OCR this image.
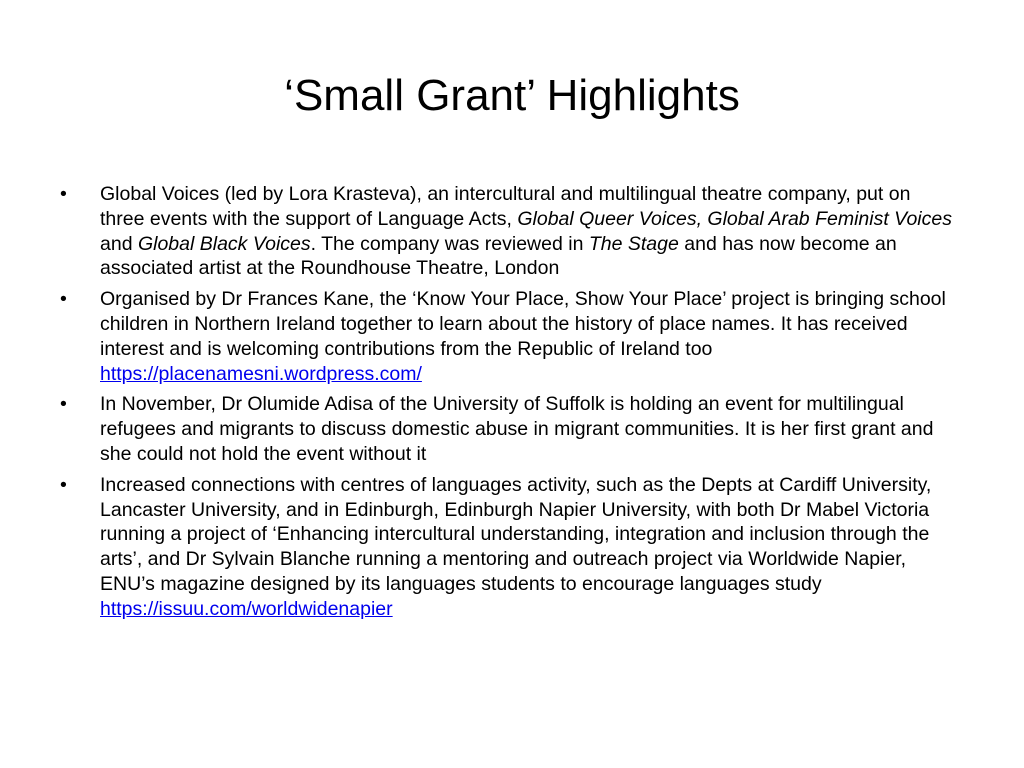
‘Small Grant’ Highlights
•	Global Voices (led by Lora Krasteva), an intercultural and multilingual theatre company, put on three events with the support of Language Acts, Global Queer Voices, Global Arab Feminist Voices and Global Black Voices. The company was reviewed in The Stage and has now become an associated artist at the Roundhouse Theatre, London
•	Organised by Dr Frances Kane, the ‘Know Your Place, Show Your Place’ project is bringing school children in Northern Ireland together to learn about the history of place names. It has received interest and is welcoming contributions from the Republic of Ireland too https://placenamesni.wordpress.com/
•	In November, Dr Olumide Adisa of the University of Suffolk is holding an event for multilingual refugees and migrants to discuss domestic abuse in migrant communities. It is her first grant and she could not hold the event without it
•	Increased connections with centres of languages activity, such as the Depts at Cardiff University, Lancaster University, and in Edinburgh, Edinburgh Napier University, with both Dr Mabel Victoria running a project of ‘Enhancing intercultural understanding, integration and inclusion through the arts’, and Dr Sylvain Blanche running a mentoring and outreach project via Worldwide Napier, ENU’s magazine designed by its languages students to encourage languages study https://issuu.com/worldwidenapier
